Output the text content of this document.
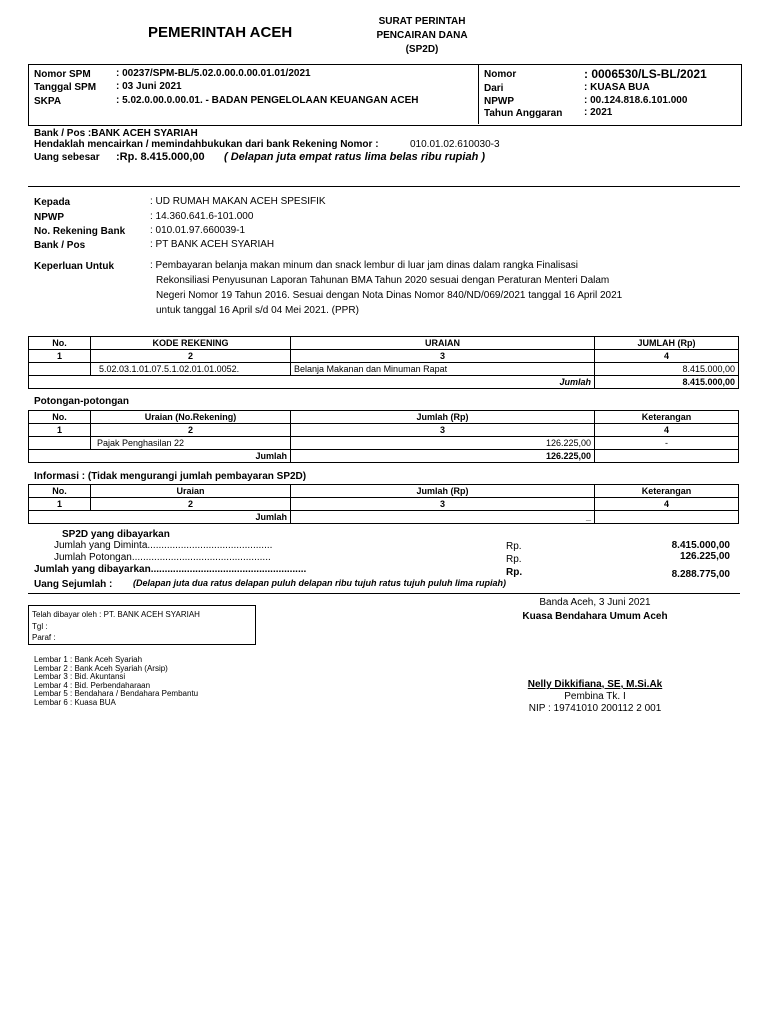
PEMERINTAH ACEH
SURAT PERINTAH
PENCAIRAN DANA
(SP2D)
Nomor SPM	: 00237/SPM-BL/5.02.0.00.0.00.01.01/2021
Tanggal SPM : 03 Juni 2021
SKPA	: 5.02.0.00.0.00.01. - BADAN PENGELOLAAN KEUANGAN ACEH
Nomor	: 0006530/LS-BL/2021
Dari	: KUASA BUA
NPWP	: 00.124.818.6.101.000
Tahun Anggaran : 2021
Bank / Pos :BANK ACEH SYARIAH
Hendaklah mencairkan / memindahbukukan dari bank Rekening Nomor :	010.01.02.610030-3
Uang sebesar :Rp. 8.415.000,00 ( Delapan juta empat ratus lima belas ribu rupiah )
Kepada	: UD RUMAH MAKAN ACEH SPESIFIK
NPWP	: 14.360.641.6-101.000
No. Rekening Bank : 010.01.97.660039-1
Bank / Pos	: PT BANK ACEH SYARIAH
Keperluan Untuk	: Pembayaran belanja makan minum dan snack lembur di luar jam dinas dalam rangka Finalisasi
Rekonsiliasi Penyusunan Laporan Tahunan BMA Tahun 2020 sesuai dengan Peraturan Menteri Dalam
Negeri Nomor 19 Tahun 2016. Sesuai dengan Nota Dinas Nomor 840/ND/069/2021 tanggal 16 April 2021
untuk tanggal 16 April s/d 04 Mei 2021. (PPR)
No.	KODE REKENING	URAIAN	JUMLAH (Rp)
1	2	3	4
	5.02.03.1.01.07.5.1.02.01.01.0052.	Belanja Makanan dan Minuman Rapat	8.415.000,00
Jumlah			8.415.000,00
Potongan-potongan
No.	Uraian (No.Rekening)	Jumlah (Rp)	Keterangan
1	2	3	4
	Pajak Penghasilan 22	126.225,00	-
	Jumlah	126.225,00	
Informasi : (Tidak mengurangi jumlah pembayaran SP2D)
No.	Uraian	Jumlah (Rp)	Keterangan
1	2	3	4
	Jumlah	_	
SP2D yang dibayarkan
Jumlah yang Diminta.............................................	Rp.	8.415.000,00
Jumlah Potongan..................................................	Rp.	126.225,00
Jumlah yang dibayarkan........................................................	Rp.	8.288.775,00
Uang Sejumlah : (Delapan juta dua ratus delapan puluh delapan ribu tujuh ratus tujuh puluh lima rupiah)
Telah dibayar oleh : PT. BANK ACEH SYARIAH
Tgl :
Paraf :
Lembar 1 : Bank Aceh Syariah
Lembar 2 : Bank Aceh Syariah (Arsip)
Lembar 3 : Bid. Akuntansi
Lembar 4 : Bid. Perbendaharaan
Lembar 5 : Bendahara / Bendahara Pembantu
Lembar 6 : Kuasa BUA
Banda Aceh, 3 Juni 2021
Kuasa Bendahara Umum Aceh
Nelly Dikkifiana, SE, M.Si.Ak
Pembina Tk. I
NIP : 19741010 200112 2 001
